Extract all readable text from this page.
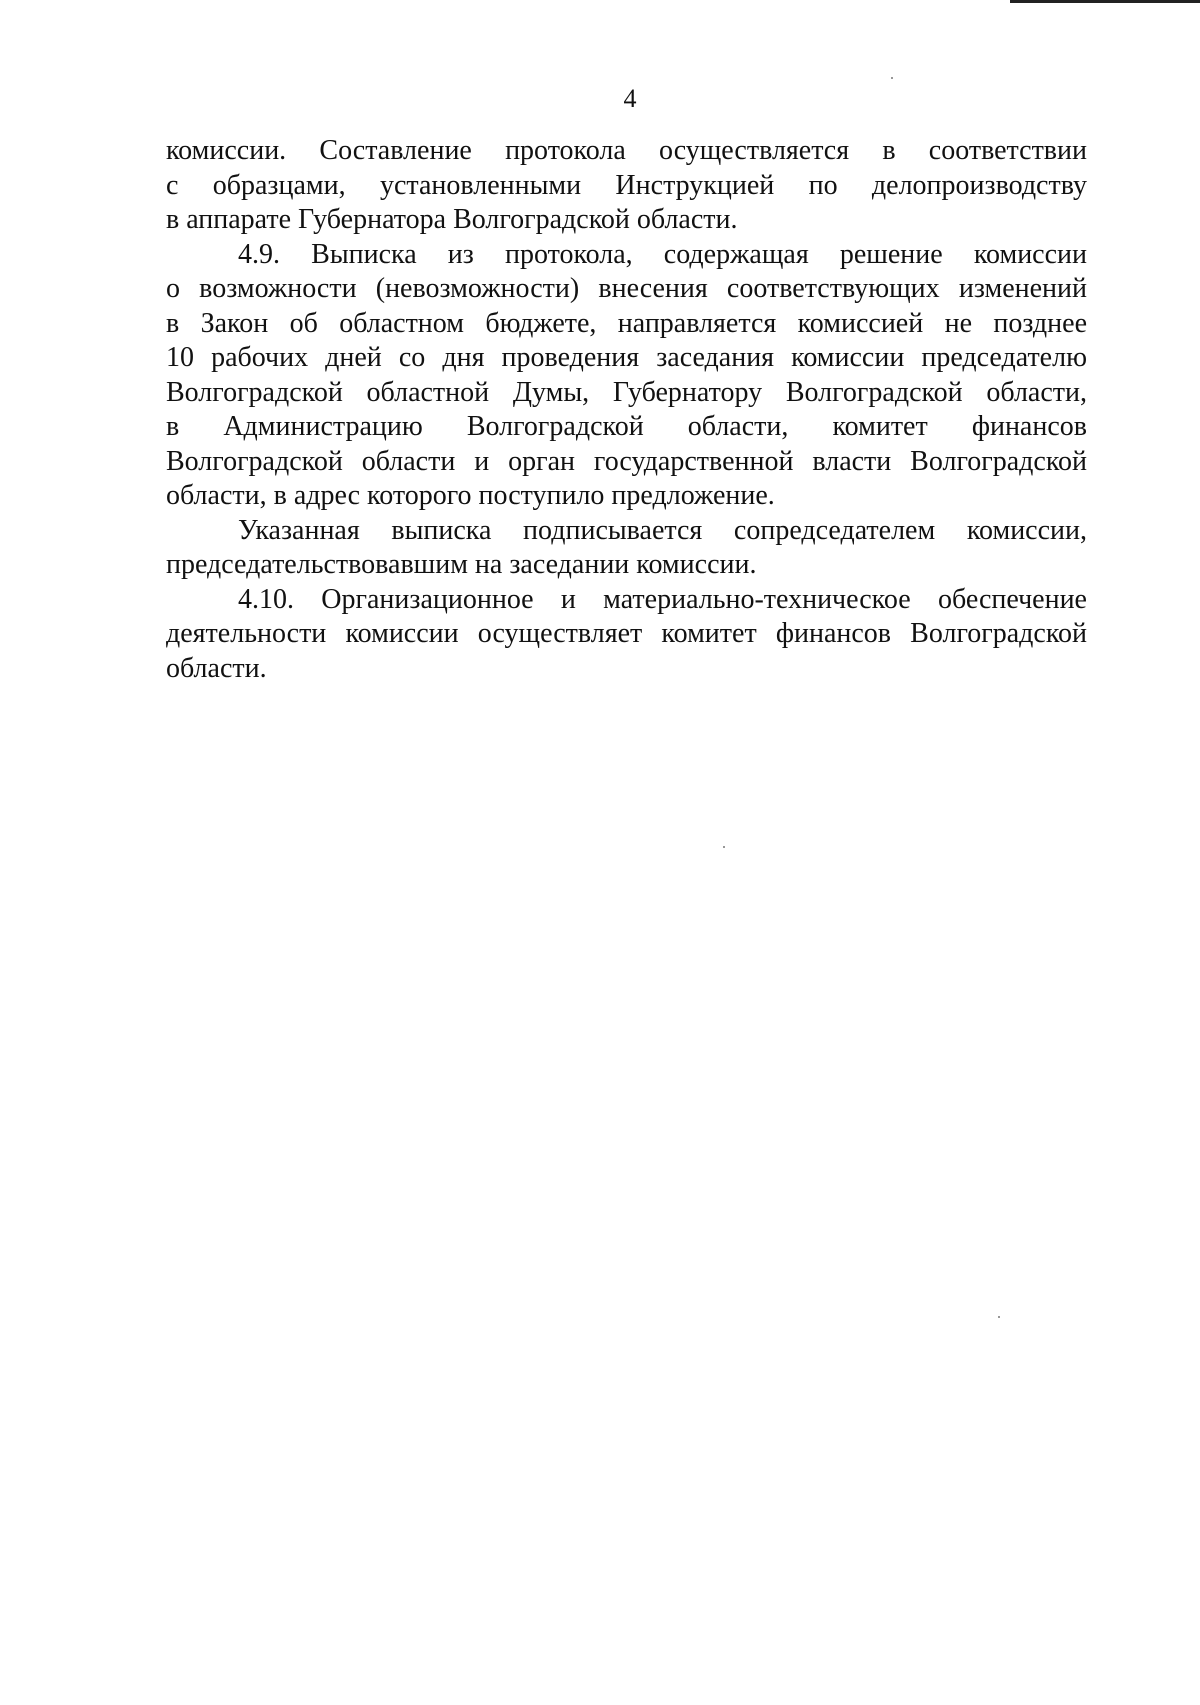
4

комиссии. Составление протокола осуществляется в соответствии
с образцами, установленными Инструкцией по делопроизводству
в аппарате Губернатора Волгоградской области.

4.9. Выписка из протокола, содержащая решение комиссии
о возможности (невозможности) внесения соответствующих изменений
в Закон об областном бюджете, направляется комиссией не позднее
10 рабочих дней со дня проведения заседания комиссии председателю
Волгоградской областной Думы, Губернатору Волгоградской области,
в Администрацию Волгоградской области, комитет финансов
Волгоградской области и орган государственной власти Волгоградской
области, в адрес которого поступило предложение.

Указанная выписка подписывается сопредседателем комиссии,
председательствовавшим на заседании комиссии.

4.10. Организационное и материально-техническое обеспечение
деятельности комиссии осуществляет комитет финансов Волгоградской
области.
